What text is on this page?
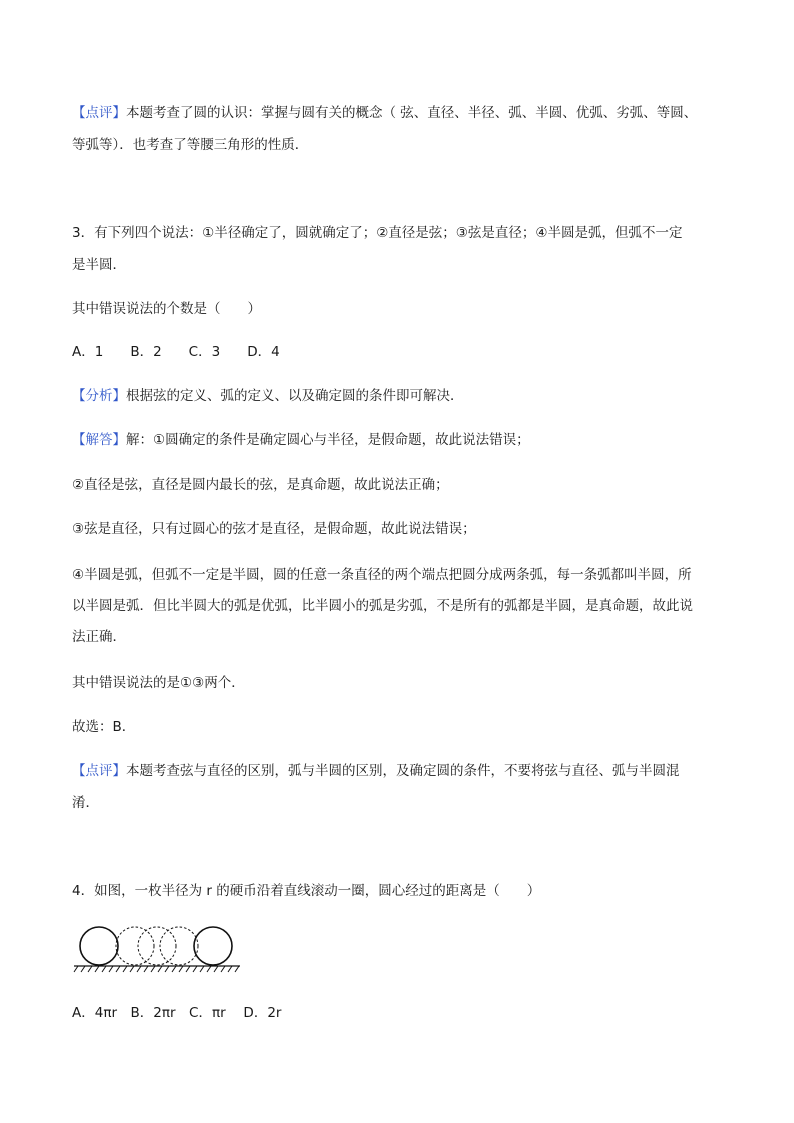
【点评】本题考查了圆的认识：掌握与圆有关的概念（ 弦、直径、半径、弧、半圆、优弧、劣弧、等圆、
等弧等）．也考查了等腰三角形的性质．
3．有下列四个说法：①半径确定了，圆就确定了；②直径是弦；③弦是直径；④半圆是弧，但弧不一定
是半圆．
其中错误说法的个数是（　　）
A．1　　B．2　　C．3　　D．4
【分析】根据弦的定义、弧的定义、以及确定圆的条件即可解决．
【解答】解：①圆确定的条件是确定圆心与半径，是假命题，故此说法错误；
②直径是弦，直径是圆内最长的弦，是真命题，故此说法正确；
③弦是直径，只有过圆心的弦才是直径，是假命题，故此说法错误；
④半圆是弧，但弧不一定是半圆，圆的任意一条直径的两个端点把圆分成两条弧，每一条弧都叫半圆，所
以半圆是弧．但比半圆大的弧是优弧，比半圆小的弧是劣弧，不是所有的弧都是半圆，是真命题，故此说
法正确．
其中错误说法的是①③两个．
故选：B．
【点评】本题考查弦与直径的区别，弧与半圆的区别，及确定圆的条件，不要将弦与直径、弧与半圆混
淆．
4．如图，一枚半径为 r 的硬币沿着直线滚动一圈，圆心经过的距离是（　　）
A．4πr　B．2πr　C．πr　 D．2r
